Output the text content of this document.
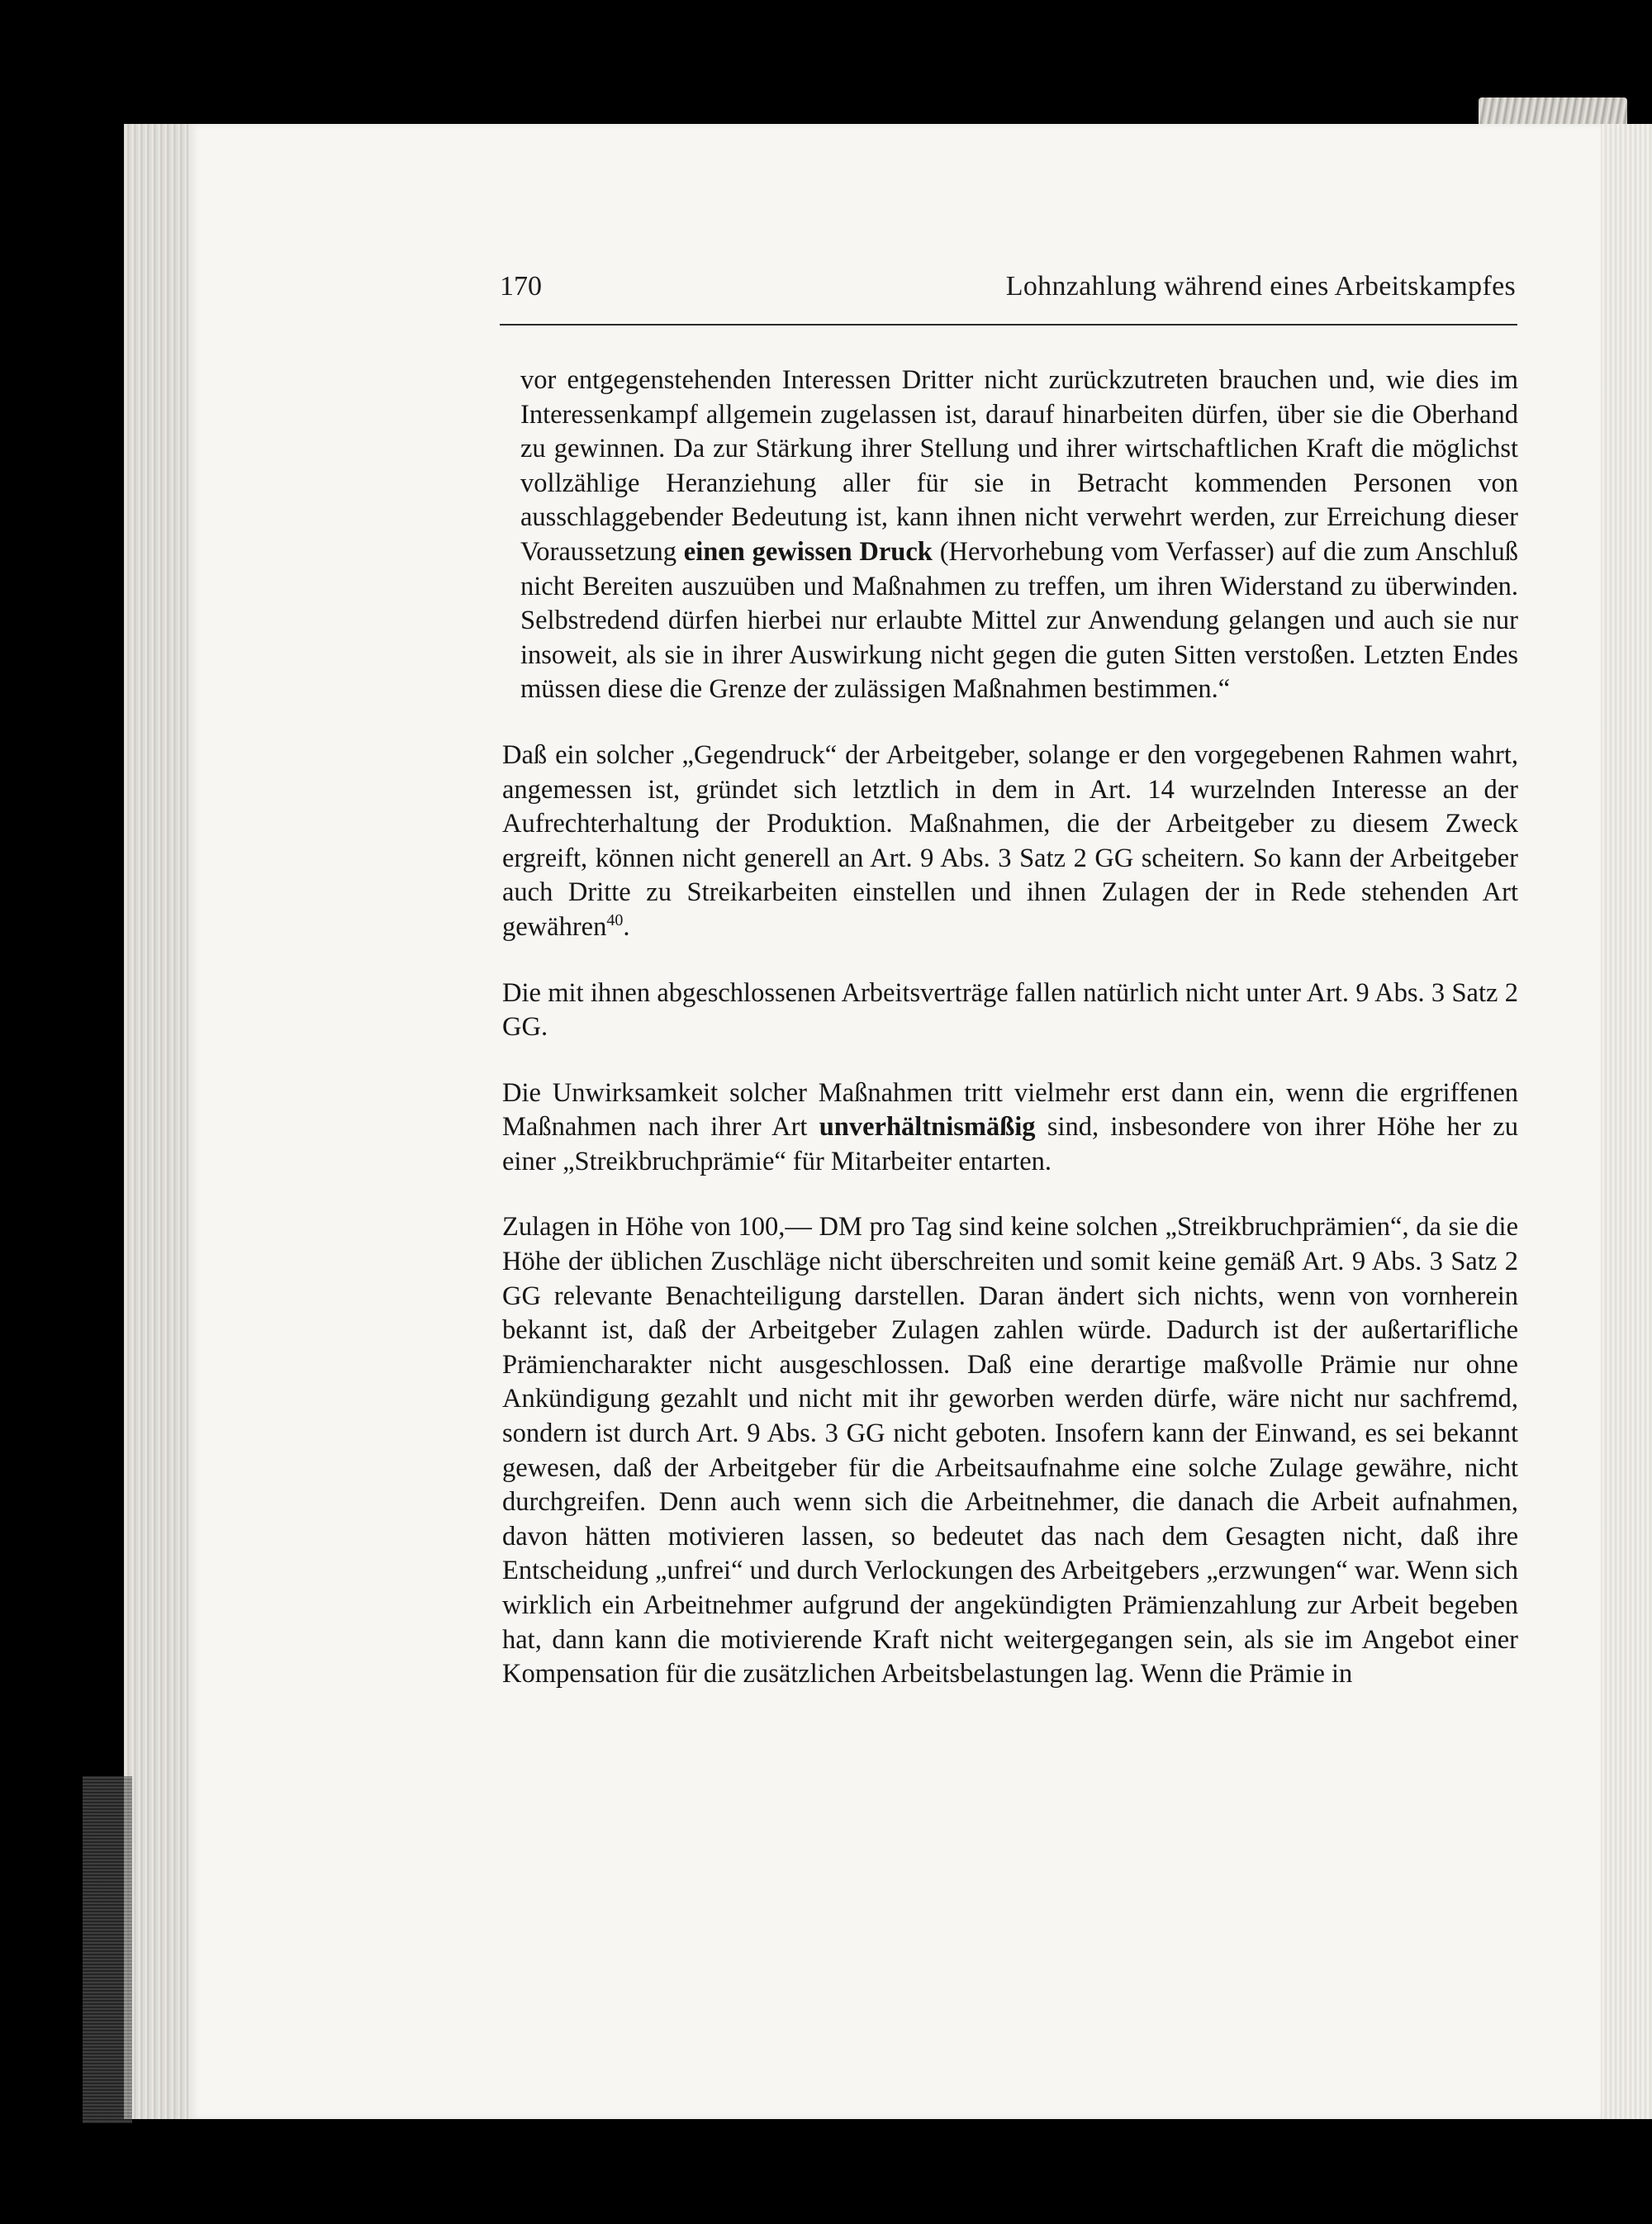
170	Lohnzahlung während eines Arbeitskampfes

vor entgegenstehenden Interessen Dritter nicht zurückzutreten brauchen und, wie dies im Interessenkampf allgemein zugelassen ist, darauf hinarbeiten dürfen, über sie die Oberhand zu gewinnen. Da zur Stärkung ihrer Stellung und ihrer wirtschaftlichen Kraft die möglichst vollzählige Heranziehung aller für sie in Betracht kommenden Personen von ausschlaggebender Bedeutung ist, kann ihnen nicht verwehrt werden, zur Erreichung dieser Voraussetzung einen gewissen Druck (Hervorhebung vom Verfasser) auf die zum Anschluß nicht Bereiten auszuüben und Maßnahmen zu treffen, um ihren Widerstand zu überwinden. Selbstredend dürfen hierbei nur erlaubte Mittel zur Anwendung gelangen und auch sie nur insoweit, als sie in ihrer Auswirkung nicht gegen die guten Sitten verstoßen. Letzten Endes müssen diese die Grenze der zulässigen Maßnahmen bestimmen.“

Daß ein solcher „Gegendruck“ der Arbeitgeber, solange er den vorgegebenen Rahmen wahrt, angemessen ist, gründet sich letztlich in dem in Art. 14 wurzelnden Interesse an der Aufrechterhaltung der Produktion. Maßnahmen, die der Arbeitgeber zu diesem Zweck ergreift, können nicht generell an Art. 9 Abs. 3 Satz 2 GG scheitern. So kann der Arbeitgeber auch Dritte zu Streikarbeiten einstellen und ihnen Zulagen der in Rede stehenden Art gewähren$^{40}$.

Die mit ihnen abgeschlossenen Arbeitsverträge fallen natürlich nicht unter Art. 9 Abs. 3 Satz 2 GG.

Die Unwirksamkeit solcher Maßnahmen tritt vielmehr erst dann ein, wenn die ergriffenen Maßnahmen nach ihrer Art unverhältnismäßig sind, insbesondere von ihrer Höhe her zu einer „Streikbruchprämie“ für Mitarbeiter entarten.

Zulagen in Höhe von 100,— DM pro Tag sind keine solchen „Streikbruchprämien“, da sie die Höhe der üblichen Zuschläge nicht überschreiten und somit keine gemäß Art. 9 Abs. 3 Satz 2 GG relevante Benachteiligung darstellen. Daran ändert sich nichts, wenn von vornherein bekannt ist, daß der Arbeitgeber Zulagen zahlen würde. Dadurch ist der außertarifliche Prämiencharakter nicht ausgeschlossen. Daß eine derartige maßvolle Prämie nur ohne Ankündigung gezahlt und nicht mit ihr geworben werden dürfe, wäre nicht nur sachfremd, sondern ist durch Art. 9 Abs. 3 GG nicht geboten. Insofern kann der Einwand, es sei bekannt gewesen, daß der Arbeitgeber für die Arbeitsaufnahme eine solche Zulage gewähre, nicht durchgreifen. Denn auch wenn sich die Arbeitnehmer, die danach die Arbeit aufnahmen, davon hätten motivieren lassen, so bedeutet das nach dem Gesagten nicht, daß ihre Entscheidung „unfrei“ und durch Verlockungen des Arbeitgebers „erzwungen“ war. Wenn sich wirklich ein Arbeitnehmer aufgrund der angekündigten Prämienzahlung zur Arbeit begeben hat, dann kann die motivierende Kraft nicht weitergegangen sein, als sie im Angebot einer Kompensation für die zusätzlichen Arbeitsbelastungen lag. Wenn die Prämie in
